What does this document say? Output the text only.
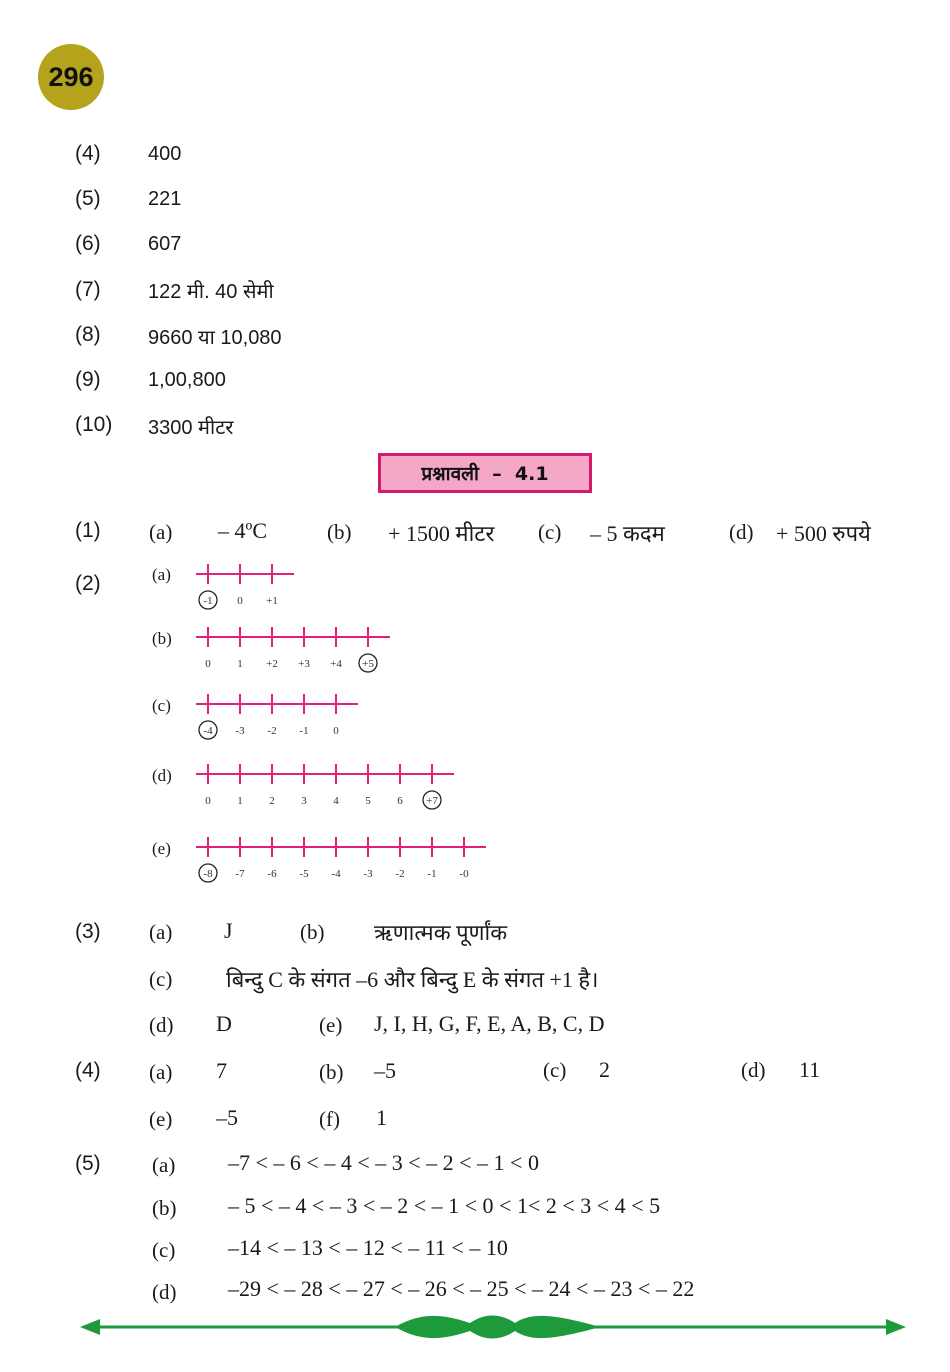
296
(4) 400
(5) 221
(6) 607
(7) 122 मी. 40 सेमी
(8) 9660 या 10,080
(9) 1,00,800
(10) 3300 मीटर
प्रश्नावली  –  4.1
(1) (a) – 4ºC	(b) + 1500 मीटर (c) – 5 कदम	(d) + 500 रुपये
(2)	(a)
(b)
(c)
(d)
(e)
-1 0 +1
0 1 +2 +3 +4 +5
-4 -3 -2 -1 0
0 1 2 3 4 5 6 +7
-8 -7 -6 -5 -4 -3 -2 -1 -0
(3) (a) J	(b) ऋणात्मक पूर्णांक
(c) बिन्दु C के संगत –6 और बिन्दु E के संगत +1 है।
(d) D	(e) J, I, H, G, F, E, A, B, C, D
(4) (a) 7	(b) –5	(c) 2	(d) 11
(e) –5	(f) 1
(5) (a) –7 < – 6 < – 4 < – 3 < – 2 < – 1 < 0
(b) – 5 < – 4 < – 3 < – 2 < – 1 < 0 < 1< 2 < 3 < 4 < 5
(c) –14 < – 13 < – 12 < – 11 < – 10
(d) –29 < – 28 < – 27 < – 26 < – 25 < – 24 < – 23 < – 22
